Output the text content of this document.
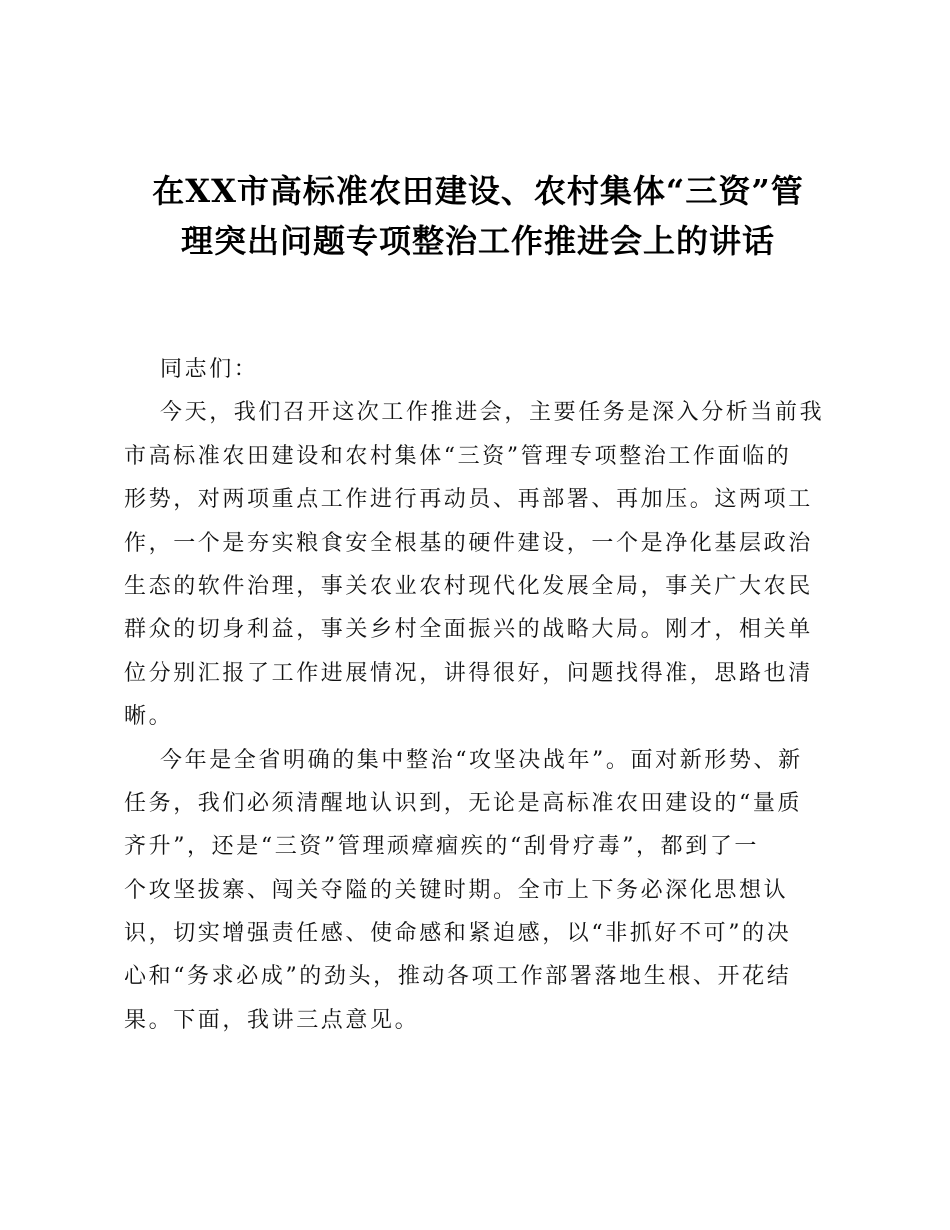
在XX市高标准农田建设、农村集体“三资”管
理突出问题专项整治工作推进会上的讲话
同志们：
今天，我们召开这次工作推进会，主要任务是深入分析当前我
市高标准农田建设和农村集体“三资”管理专项整治工作面临的
形势，对两项重点工作进行再动员、再部署、再加压。这两项工
作，一个是夯实粮食安全根基的硬件建设，一个是净化基层政治
生态的软件治理，事关农业农村现代化发展全局，事关广大农民
群众的切身利益，事关乡村全面振兴的战略大局。刚才，相关单
位分别汇报了工作进展情况，讲得很好，问题找得准，思路也清
晰。
今年是全省明确的集中整治“攻坚决战年”。面对新形势、新
任务，我们必须清醒地认识到，无论是高标准农田建设的“量质
齐升”，还是“三资”管理顽瘴痼疾的“刮骨疗毒”，都到了一
个攻坚拔寨、闯关夺隘的关键时期。全市上下务必深化思想认
识，切实增强责任感、使命感和紧迫感，以“非抓好不可”的决
心和“务求必成”的劲头，推动各项工作部署落地生根、开花结
果。下面，我讲三点意见。
